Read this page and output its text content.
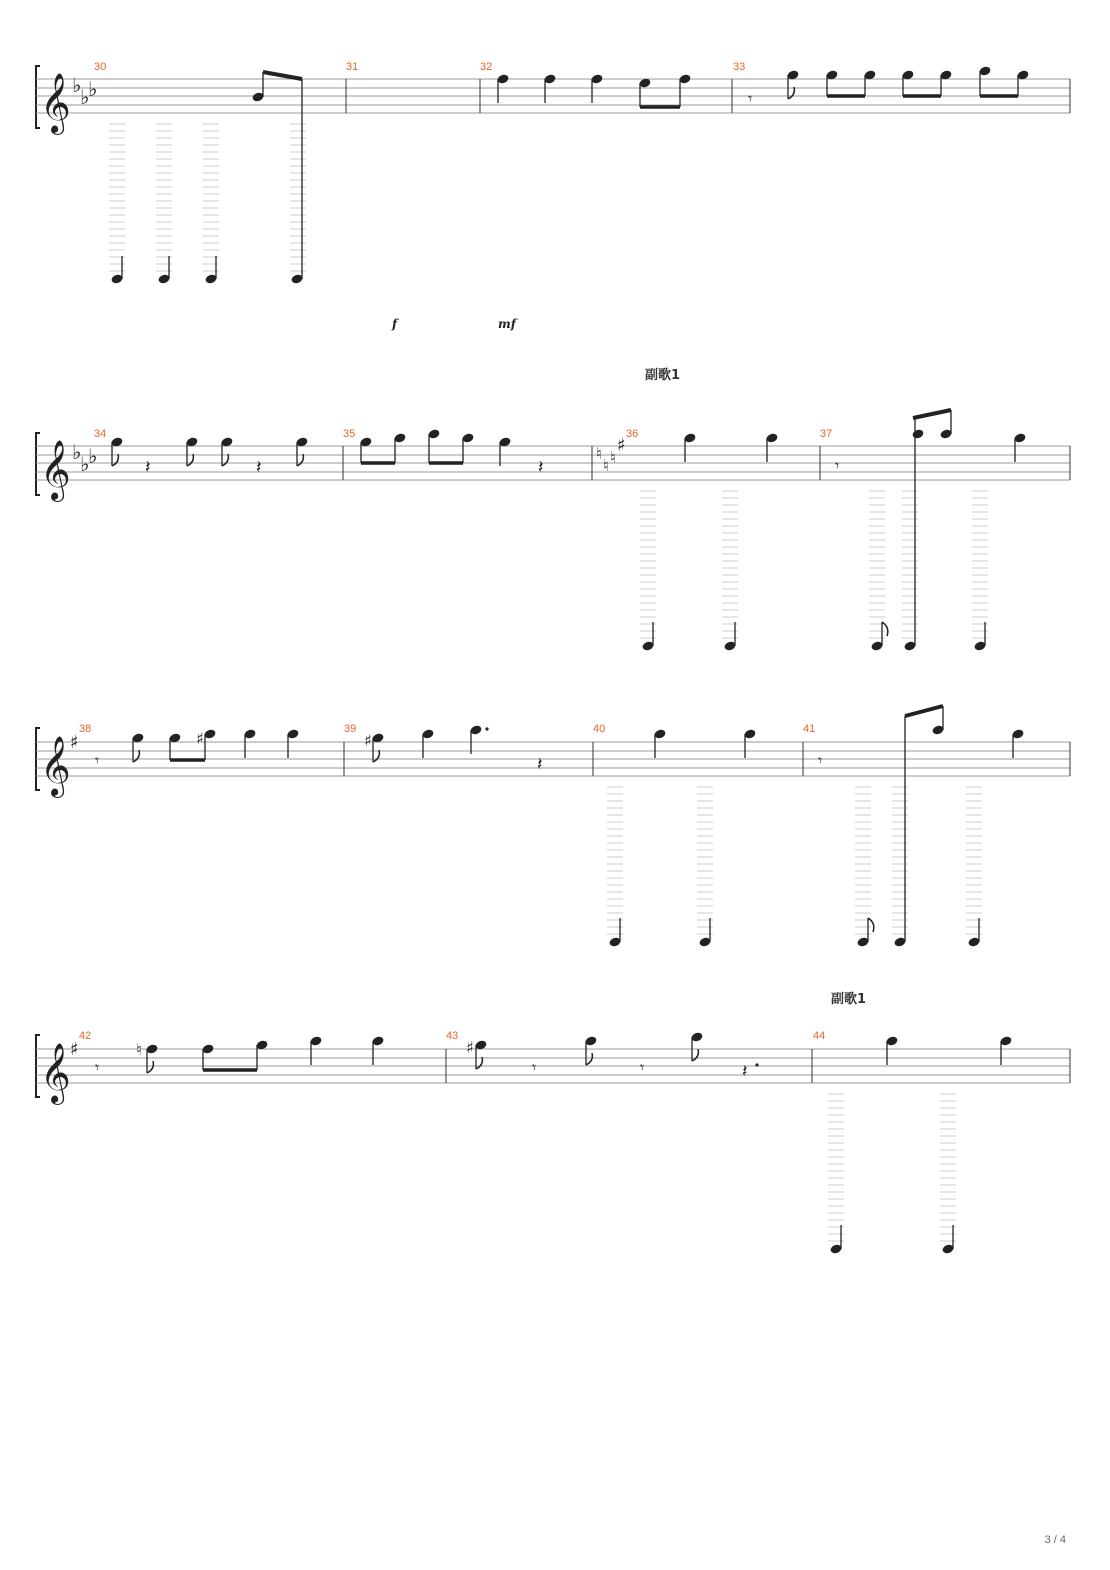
𝄞 ♭
♭
♭
30	31	32	33
𝄾
f	mf
副歌1
𝄞 ♭
♭
♭
34	35	36	37
𝄽	𝄽	𝄽
♮
♮ ♮
♯
𝄾
𝄞 ♯
38	39	40	41
𝄾
♯	♯
𝄽	𝄾
副歌1
𝄞 ♯
42	43	44
𝄾
♮	♯
𝄾	𝄾	𝄽
3 / 4
